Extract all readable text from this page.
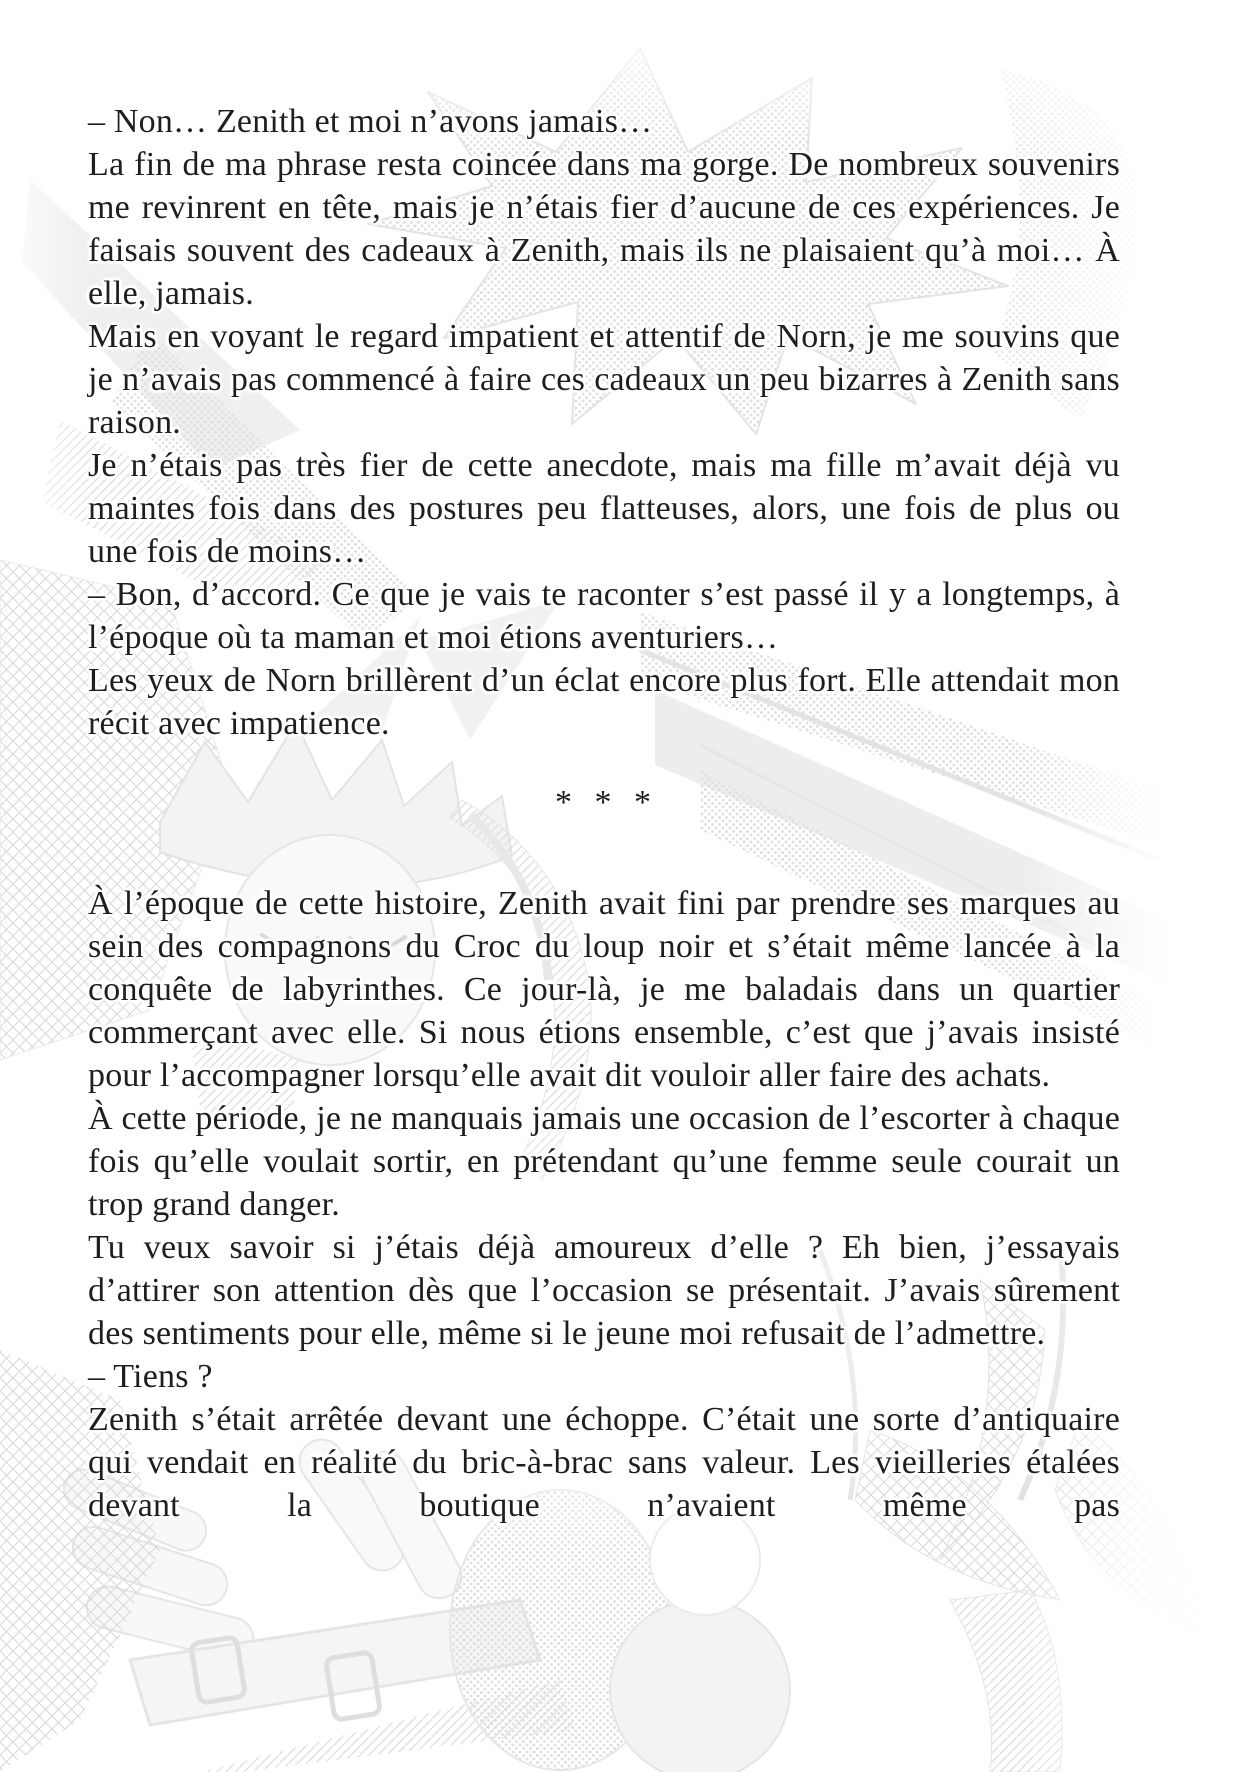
– Non… Zenith et moi n’avons jamais…

La fin de ma phrase resta coincée dans ma gorge. De nombreux souvenirs me revinrent en tête, mais je n’étais fier d’aucune de ces expériences. Je faisais souvent des cadeaux à Zenith, mais ils ne plaisaient qu’à moi… À elle, jamais.

Mais en voyant le regard impatient et attentif de Norn, je me souvins que je n’avais pas commencé à faire ces cadeaux un peu bizarres à Zenith sans raison.

Je n’étais pas très fier de cette anecdote, mais ma fille m’avait déjà vu maintes fois dans des postures peu flatteuses, alors, une fois de plus ou une fois de moins…

– Bon, d’accord. Ce que je vais te raconter s’est passé il y a longtemps, à l’époque où ta maman et moi étions aventuriers…

Les yeux de Norn brillèrent d’un éclat encore plus fort. Elle attendait mon récit avec impatience.

* * *

À l’époque de cette histoire, Zenith avait fini par prendre ses marques au sein des compagnons du Croc du loup noir et s’était même lancée à la conquête de labyrinthes. Ce jour-là, je me baladais dans un quartier commerçant avec elle. Si nous étions ensemble, c’est que j’avais insisté pour l’accompagner lorsqu’elle avait dit vouloir aller faire des achats.

À cette période, je ne manquais jamais une occasion de l’escorter à chaque fois qu’elle voulait sortir, en prétendant qu’une femme seule courait un trop grand danger.

Tu veux savoir si j’étais déjà amoureux d’elle ? Eh bien, j’essayais d’attirer son attention dès que l’occasion se présentait. J’avais sûrement des sentiments pour elle, même si le jeune moi refusait de l’admettre.

– Tiens ?

Zenith s’était arrêtée devant une échoppe. C’était une sorte d’antiquaire qui vendait en réalité du bric-à-brac sans valeur. Les vieilleries étalées devant la boutique n’avaient même pas
